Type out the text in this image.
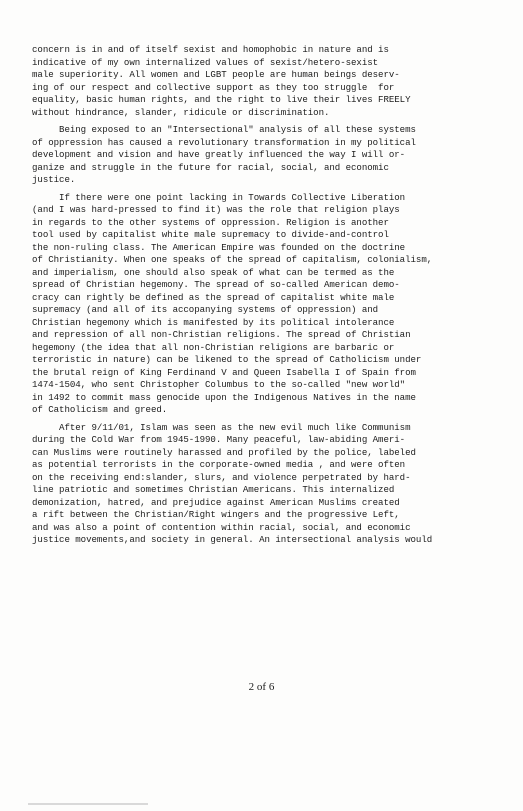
concern is in and of itself sexist and homophobic in nature and is
indicative of my own internalized values of sexist/hetero-sexist
male superiority. All women and LGBT people are human beings deserv-
ing of our respect and collective support as they too struggle  for
equality, basic human rights, and the right to live their lives FREELY
without hindrance, slander, ridicule or discrimination.
Being exposed to an "Intersectional" analysis of all these systems
of oppression has caused a revolutionary transformation in my political
development and vision and have greatly influenced the way I will or-
ganize and struggle in the future for racial, social, and economic
justice.
If there were one point lacking in Towards Collective Liberation
(and I was hard-pressed to find it) was the role that religion plays
in regards to the other systems of oppression. Religion is another
tool used by capitalist white male supremacy to divide-and-control
the non-ruling class. The American Empire was founded on the doctrine
of Christianity. When one speaks of the spread of capitalism, colonialism,
and imperialism, one should also speak of what can be termed as the
spread of Christian hegemony. The spread of so-called American demo-
cracy can rightly be defined as the spread of capitalist white male
supremacy (and all of its accopanying systems of oppression) and
Christian hegemony which is manifested by its political intolerance
and repression of all non-Christian religions. The spread of Christian
hegemony (the idea that all non-Christian religions are barbaric or
terroristic in nature) can be likened to the spread of Catholicism under
the brutal reign of King Ferdinand V and Queen Isabella I of Spain from
1474-1504, who sent Christopher Columbus to the so-called "new world"
in 1492 to commit mass genocide upon the Indigenous Natives in the name
of Catholicism and greed.
After 9/11/01, Islam was seen as the new evil much like Communism
during the Cold War from 1945-1990. Many peaceful, law-abiding Ameri-
can Muslims were routinely harassed and profiled by the police, labeled
as potential terrorists in the corporate-owned media , and were often
on the receiving end:slander, slurs, and violence perpetrated by hard-
line patriotic and sometimes Christian Americans. This internalized
demonization, hatred, and prejudice against American Muslims created
a rift between the Christian/Right wingers and the progressive Left,
and was also a point of contention within racial, social, and economic
justice movements,and society in general. An intersectional analysis would
2 of 6
